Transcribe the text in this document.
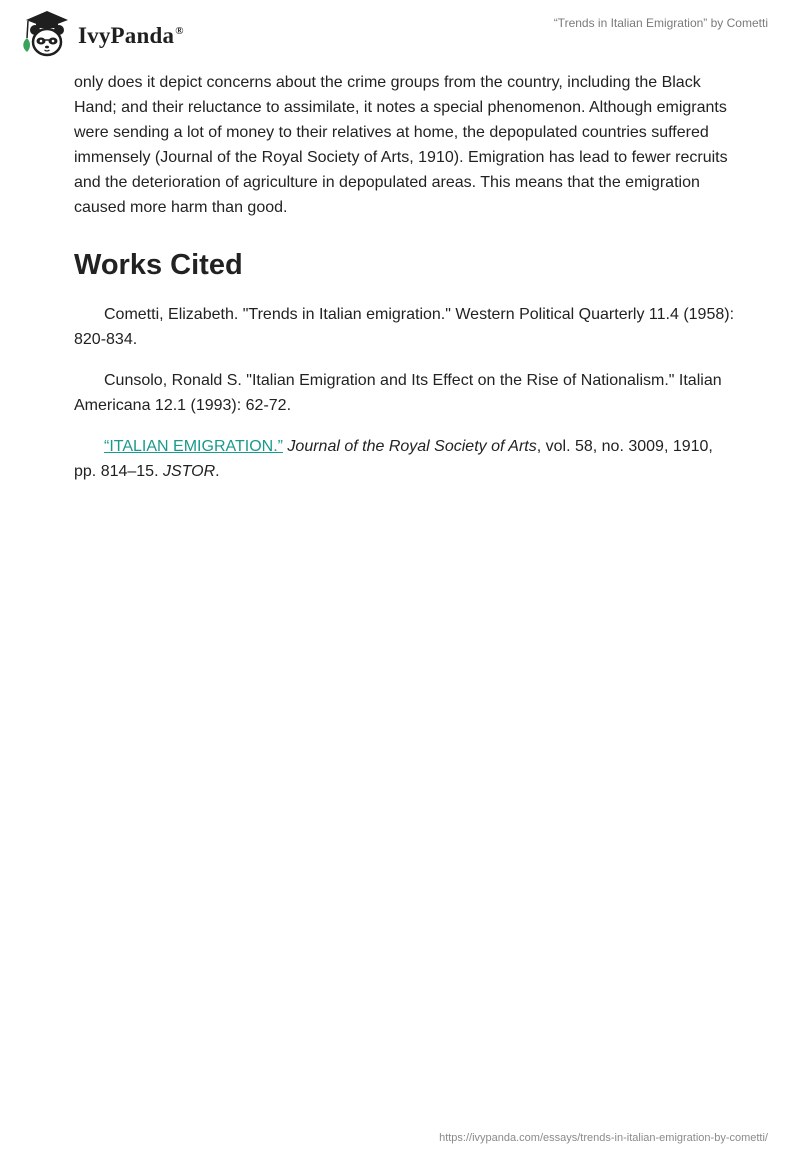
IvyPanda®
“Trends in Italian Emigration” by Cometti

only does it depict concerns about the crime groups from the country, including the Black Hand; and their reluctance to assimilate, it notes a special phenomenon. Although emigrants were sending a lot of money to their relatives at home, the depopulated countries suffered immensely (Journal of the Royal Society of Arts, 1910). Emigration has lead to fewer recruits and the deterioration of agriculture in depopulated areas. This means that the emigration caused more harm than good.

Works Cited

Cometti, Elizabeth. "Trends in Italian emigration." Western Political Quarterly 11.4 (1958): 820-834.

Cunsolo, Ronald S. "Italian Emigration and Its Effect on the Rise of Nationalism." Italian Americana 12.1 (1993): 62-72.

“ITALIAN EMIGRATION.” Journal of the Royal Society of Arts, vol. 58, no. 3009, 1910, pp. 814–15. JSTOR.

https://ivypanda.com/essays/trends-in-italian-emigration-by-cometti/
